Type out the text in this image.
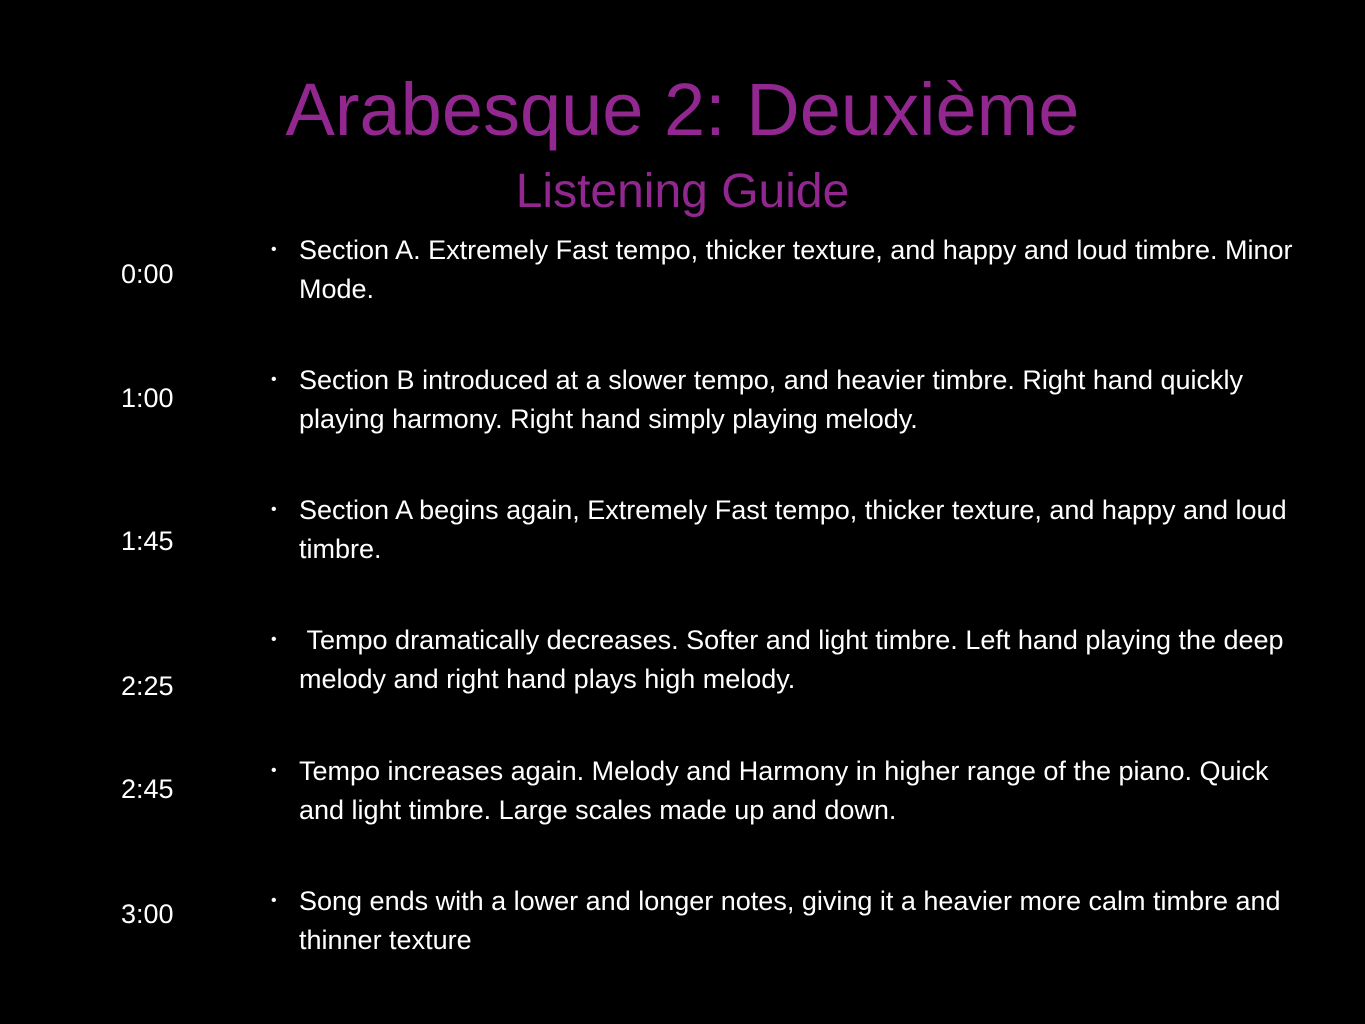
Arabesque 2: Deuxième
Listening Guide
0:00
1:00
1:45
2:25
2:45
3:00
• Section A. Extremely Fast tempo, thicker texture, and happy and loud timbre. Minor Mode.
• Section B introduced at a slower tempo, and heavier timbre. Right hand quickly playing harmony. Right hand simply playing melody.
• Section A begins again, Extremely Fast tempo, thicker texture, and happy and loud timbre.
• Tempo dramatically decreases. Softer and light timbre. Left hand playing the deep melody and right hand plays high melody.
• Tempo increases again. Melody and Harmony in higher range of the piano. Quick and light timbre. Large scales made up and down.
• Song ends with a lower and longer notes, giving it a heavier more calm timbre and thinner texture
